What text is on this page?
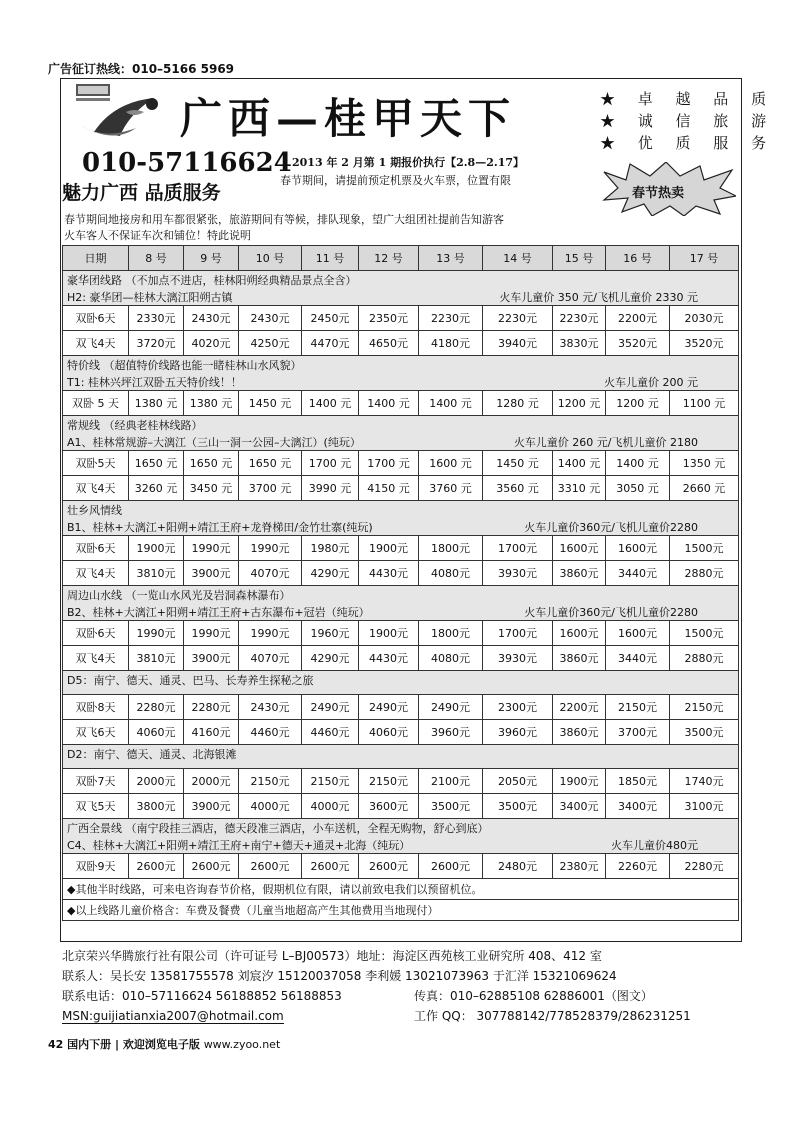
广告征订热线：010–5166 5969
广西—桂甲天下
010-57116624
魅力广西 品质服务
2013 年 2 月第 1 期报价执行【2.8—2.17】
春节期间，请提前预定机票及火车票，位置有限
★ 卓 越 品 质
★ 诚 信 旅 游
★ 优 质 服 务
春节热卖
春节期间地接房和用车都很紧张，旅游期间有等候，排队现象，望广大组团社提前告知游客
火车客人不保证车次和铺位！特此说明
日期	8 号	9 号	10 号	11 号	12 号	13 号	14 号	15 号	16 号	17 号
豪华团线路 （不加点不进店，桂林阳朔经典精品景点全含）										

H2: 豪华团—桂林大漓江阳朔古镇 火车儿童价 350 元/飞机儿童价 2330 元										

双卧6天	2330元	2430元	2430元	2450元	2350元	2230元	2230元	2230元	2200元	2030元
双飞4天	3720元	4020元	4250元	4470元	4650元	4180元	3940元	3830元	3520元	3520元
特价线 （超值特价线路也能一睹桂林山水风貌）										

T1: 桂林兴坪江双卧五天特价线！！ 火车儿童价 200 元										

双卧 5 天	1380 元	1380 元	1450 元	1400 元	1400 元	1400 元	1280 元	1200 元	1200 元	1100 元
常规线 （经典老桂林线路）										

A1、桂林常规游–大漓江（三山一洞一公园–大漓江）(纯玩） 火车儿童价 260 元/飞机儿童价 2180										

双卧5天	1650 元	1650 元	1650 元	1700 元	1700 元	1600 元	1450 元	1400 元	1400 元	1350 元
双飞4天	3260 元	3450 元	3700 元	3990 元	4150 元	3760 元	3560 元	3310 元	3050 元	2660 元
壮乡风情线										

B1、桂林+大漓江+阳朔+靖江王府+龙脊梯田/金竹壮寨(纯玩) 火车儿童价360元/飞机儿童价2280										

双卧6天	1900元	1990元	1990元	1980元	1900元	1800元	1700元	1600元	1600元	1500元
双飞4天	3810元	3900元	4070元	4290元	4430元	4080元	3930元	3860元	3440元	2880元
周边山水线 （一览山水风光及岩洞森林瀑布）										

B2、桂林+大漓江+阳朔+靖江王府+古东瀑布+冠岩（纯玩） 火车儿童价360元/飞机儿童价2280										

双卧6天	1990元	1990元	1990元	1960元	1900元	1800元	1700元	1600元	1600元	1500元
双飞4天	3810元	3900元	4070元	4290元	4430元	4080元	3930元	3860元	3440元	2880元
D5：南宁、德天、通灵、巴马、长寿养生探秘之旅										

双卧8天	2280元	2280元	2430元	2490元	2490元	2490元	2300元	2200元	2150元	2150元
双飞6天	4060元	4160元	4460元	4460元	4060元	3960元	3960元	3860元	3700元	3500元
D2：南宁、德天、通灵、北海银滩										

双卧7天	2000元	2000元	2150元	2150元	2150元	2100元	2050元	1900元	1850元	1740元
双飞5天	3800元	3900元	4000元	4000元	3600元	3500元	3500元	3400元	3400元	3100元
广西全景线 （南宁段挂三酒店，德天段准三酒店，小车送机，全程无购物，舒心到底）										

C4、桂林+大漓江+阳朔+靖江王府+南宁+德天+通灵+北海（纯玩） 火车儿童价480元										

双卧9天	2600元	2600元	2600元	2600元	2600元	2600元	2480元	2380元	2260元	2280元
◆其他半时线路，可来电咨询春节价格，假期机位有限，请以前致电我们以预留机位。										
◆以上线路儿童价格含：车费及餐费（儿童当地超高产生其他费用当地现付）										
北京荣兴华腾旅行社有限公司（许可证号 L–BJ00573）地址：海淀区西苑核工业研究所 408、412 室
联系人：吴长安 13581755578 刘宸汐 15120037058 李利媛 13021073963 于汇洋 15321069624
联系电话：010–57116624 56188852 56188853	传真：010–62885108 62886001（图文）
MSN:guijiatianxia2007@hotmail.com	工作 QQ： 307788142/778528379/286231251
42 国内下册 | 欢迎浏览电子版 www.zyoo.net
